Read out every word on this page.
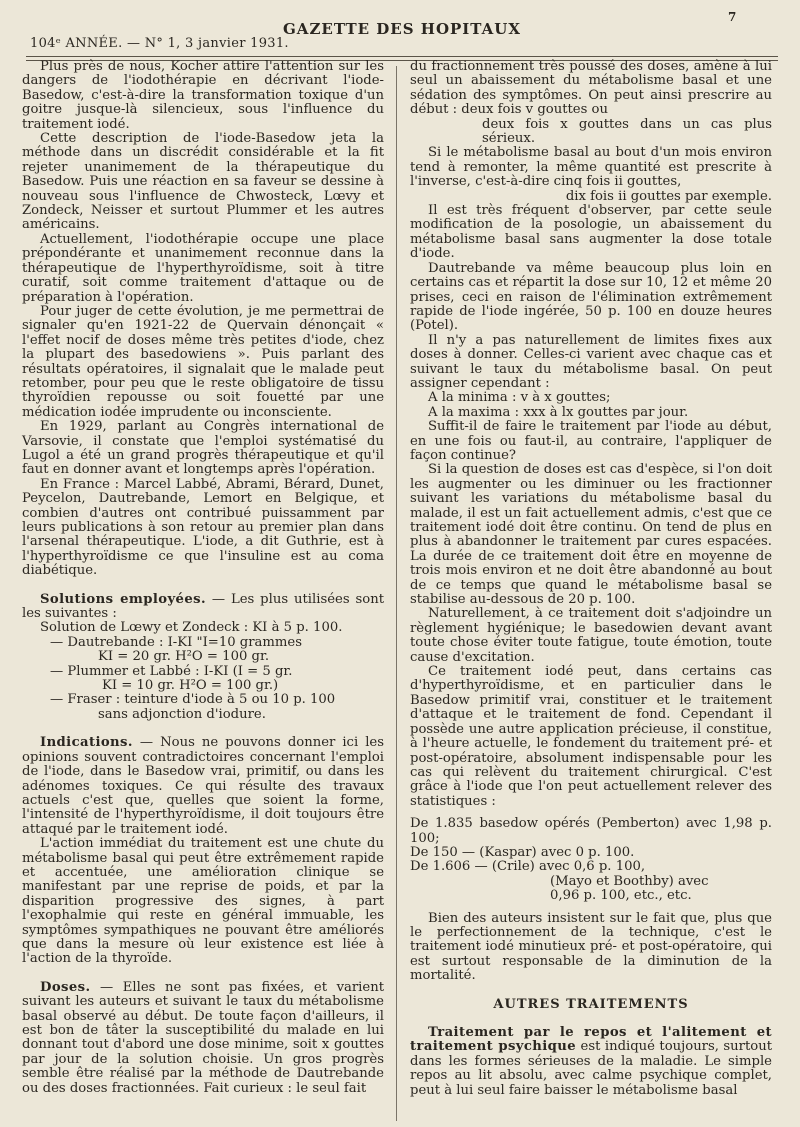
104ᵉ ANNÉE. — N° 1, 3 janvier 1931.
GAZETTE DES HOPITAUX
7

Plus près de nous, Kocher attire l'attention sur les dangers de l'iodothérapie en décrivant l'iode-Basedow, c'est-à-dire la transformation toxique d'un goitre jusque-là silencieux, sous l'influence du traitement iodé.

Cette description de l'iode-Basedow jeta la méthode dans un discrédit considérable et la fit rejeter unanimement de la thérapeutique du Basedow. Puis une réaction en sa faveur se dessine à nouveau sous l'influence de Chwosteck, Lœvy et Zondeck, Neisser et surtout Plummer et les autres américains.

Actuellement, l'iodothérapie occupe une place prépondérante et unanimement reconnue dans la thérapeutique de l'hyperthyroïdisme, soit à titre curatif, soit comme traitement d'attaque ou de préparation à l'opération.

Pour juger de cette évolution, je me permettrai de signaler qu'en 1921-22 de Quervain dénonçait « l'effet nocif de doses même très petites d'iode, chez la plupart des basedowiens ». Puis parlant des résultats opératoires, il signalait que le malade peut retomber, pour peu que le reste obligatoire de tissu thyroïdien repousse ou soit fouetté par une médication iodée imprudente ou inconsciente.

En 1929, parlant au Congrès international de Varsovie, il constate que l'emploi systématisé du Lugol a été un grand progrès thérapeutique et qu'il faut en donner avant et longtemps après l'opération.

En France : Marcel Labbé, Abrami, Bérard, Dunet, Peycelon, Dautrebande, Lemort en Belgique, et combien d'autres ont contribué puissamment par leurs publications à son retour au premier plan dans l'arsenal thérapeutique. L'iode, a dit Guthrie, est à l'hyperthyroïdisme ce que l'insuline est au coma diabétique.

Solutions employées. — Les plus utilisées sont les suivantes :

Solution de Lœwy et Zondeck : KI à 5 p. 100.
— Dautrebande : I-KI "I=10 grammes
KI = 20 gr. H²O = 100 gr.
— Plummer et Labbé : I-KI (I = 5 gr.
KI = 10 gr. H²O = 100 gr.)
— Fraser : teinture d'iode à 5 ou 10 p. 100
sans adjonction d'iodure.

Indications. — Nous ne pouvons donner ici les opinions souvent contradictoires concernant l'emploi de l'iode, dans le Basedow vrai, primitif, ou dans les adénomes toxiques. Ce qui résulte des travaux actuels c'est que, quelles que soient la forme, l'intensité de l'hyperthyroïdisme, il doit toujours être attaqué par le traitement iodé.

L'action immédiat du traitement est une chute du métabolisme basal qui peut être extrêmement rapide et accentuée, une amélioration clinique se manifestant par une reprise de poids, et par la disparition progressive des signes, à part l'exophalmie qui reste en général immuable, les symptômes sympathiques ne pouvant être améliorés que dans la mesure où leur existence est liée à l'action de la thyroïde.

Doses. — Elles ne sont pas fixées, et varient suivant les auteurs et suivant le taux du métabolisme basal observé au début. De toute façon d'ailleurs, il est bon de tâter la susceptibilité du malade en lui donnant tout d'abord une dose minime, soit x gouttes par jour de la solution choisie. Un gros progrès semble être réalisé par la méthode de Dautrebande ou des doses fractionnées. Fait curieux : le seul fait

du fractionnement très poussé des doses, amène à lui seul un abaissement du métabolisme basal et une sédation des symptômes. On peut ainsi prescrire au début : deux fois v gouttes ou

deux fois x gouttes dans un cas plus sérieux.

Si le métabolisme basal au bout d'un mois environ tend à remonter, la même quantité est prescrite à l'inverse, c'est-à-dire cinq fois ii gouttes,

dix fois ii gouttes par exemple.

Il est très fréquent d'observer, par cette seule modification de la posologie, un abaissement du métabolisme basal sans augmenter la dose totale d'iode.

Dautrebande va même beaucoup plus loin en certains cas et répartit la dose sur 10, 12 et même 20 prises, ceci en raison de l'élimination extrêmement rapide de l'iode ingérée, 50 p. 100 en douze heures (Potel).

Il n'y a pas naturellement de limites fixes aux doses à donner. Celles-ci varient avec chaque cas et suivant le taux du métabolisme basal. On peut assigner cependant :

A la minima : v à x gouttes;

A la maxima : xxx à lx gouttes par jour.

Suffit-il de faire le traitement par l'iode au début, en une fois ou faut-il, au contraire, l'appliquer de façon continue?

Si la question de doses est cas d'espèce, si l'on doit les augmenter ou les diminuer ou les fractionner suivant les variations du métabolisme basal du malade, il est un fait actuellement admis, c'est que ce traitement iodé doit être continu. On tend de plus en plus à abandonner le traitement par cures espacées. La durée de ce traitement doit être en moyenne de trois mois environ et ne doit être abandonné au bout de ce temps que quand le métabolisme basal se stabilise au-dessous de 20 p. 100.

Naturellement, à ce traitement doit s'adjoindre un règlement hygiénique; le basedowien devant avant toute chose éviter toute fatigue, toute émotion, toute cause d'excitation.

Ce traitement iodé peut, dans certains cas d'hyperthyroïdisme, et en particulier dans le Basedow primitif vrai, constituer et le traitement d'attaque et le traitement de fond. Cependant il possède une autre application précieuse, il constitue, à l'heure actuelle, le fondement du traitement pré- et post-opératoire, absolument indispensable pour les cas qui relèvent du traitement chirurgical. C'est grâce à l'iode que l'on peut actuellement relever des statistiques :

De 1.835 basedow opérés (Pemberton) avec 1,98 p. 100;
De 150 — (Kaspar) avec 0 p. 100.
De 1.606 — (Crile) avec 0,6 p. 100,
(Mayo et Boothby) avec
0,96 p. 100, etc., etc.

Bien des auteurs insistent sur le fait que, plus que le perfectionnement de la technique, c'est le traitement iodé minutieux pré- et post-opératoire, qui est surtout responsable de la diminution de la mortalité.

AUTRES TRAITEMENTS

Traitement par le repos et l'alitement et traitement psychique est indiqué toujours, surtout dans les formes sérieuses de la maladie. Le simple repos au lit absolu, avec calme psychique complet, peut à lui seul faire baisser le métabolisme basal
